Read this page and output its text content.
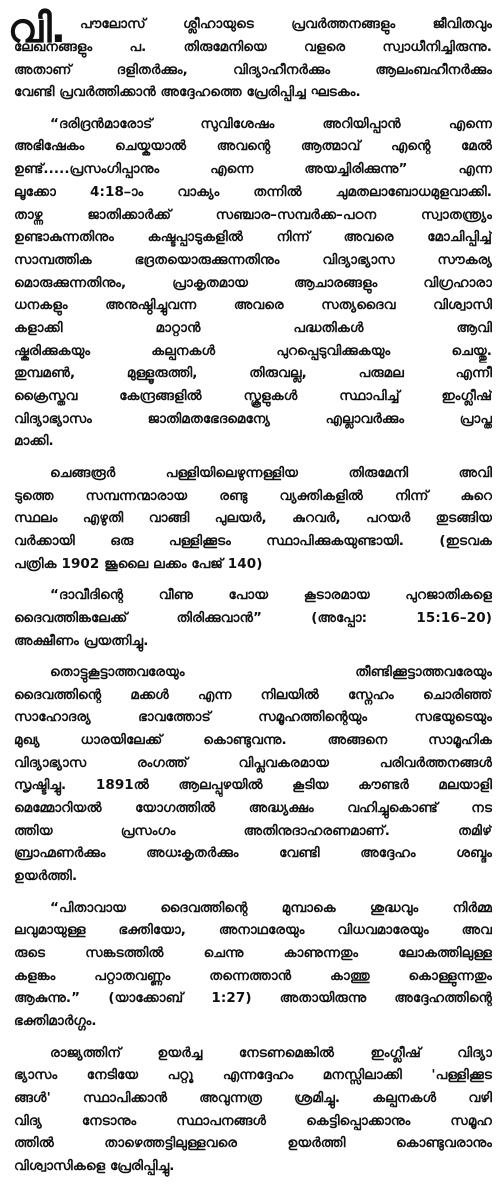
വി. പൗലോസ് ശ്ലീഹായുടെ പ്രവർത്തനങ്ങളും ജീവിതവും
ലേഖനങ്ങളും പ. തിരുമേനിയെ വളരെ സ്വാധീനിച്ചിരുന്നു.
അതാണ് ദളിതർക്കും, വിദ്യാഹീനർക്കും ആലംബഹീനർക്കും
വേണ്ടി പ്രവർത്തിക്കാൻ അദ്ദേഹത്തെ പ്രേരിപ്പിച്ച ഘടകം.
“ദരിദ്രൻമാരോട് സുവിശേഷം അറിയിപ്പാൻ എന്നെ
അഭിഷേകം ചെയ്കയാൽ അവന്റെ ആത്മാവ് എന്റെ മേൽ
ഉണ്ട്.....പ്രസംഗിപ്പാനും എന്നെ അയച്ചിരിക്കുന്നു” എന്ന
ലൂക്കോ 4:18–ാം വാക്യം തന്നിൽ ചുമതലാബോധമുളവാക്കി.
താഴ്ന്ന ജാതിക്കാർക്ക് സഞ്ചാര–സമ്പർക്ക–പഠന സ്വാതന്ത്ര്യം
ഉണ്ടാകുന്നതിനും കഷ്ടപ്പാടുകളിൽ നിന്ന് അവരെ മോചിപ്പിച്ച്
സാമ്പത്തിക ഭദ്രതയൊരുക്കുന്നതിനും വിദ്യാഭ്യാസ സൗകര്യ
മൊരുക്കുന്നതിനും, പ്രാകൃതമായ ആചാരങ്ങളും വിഗ്രഹാരാ
ധനകളും അനുഷ്ഠിച്ചുവന്ന അവരെ സത്യദൈവ വിശ്വാസി
കളാക്കി മാറ്റാൻ പദ്ധതികൾ ആവി
ഷ്കരിക്കുകയും കല്പനകൾ പുറപ്പെടുവിക്കുകയും ചെയ്തു.
തുമ്പമൺ, മുള്ളൂരുത്തി, തിരുവല്ല, പരുമല എന്നീ
ക്രൈസ്തവ കേന്ദ്രങ്ങളിൽ സ്കൂളുകൾ സ്ഥാപിച്ച് ഇംഗ്ലീഷ്
വിദ്യാഭ്യാസം ജാതിമതഭേദമെന്യേ എല്ലാവർക്കും പ്രാപ്ത
മാക്കി.
ചെങ്ങരൂർ പള്ളിയിലെഴുന്നള്ളിയ തിരുമേനി അവി
ടുത്തെ സമ്പന്നന്മാരായ രണ്ടു വ്യക്തികളിൽ നിന്ന് കുറെ
സ്ഥലം എഴുതി വാങ്ങി പുലയർ, കുറവർ, പറയർ തുടങ്ങിയ
വർക്കായി ഒരു പള്ളിക്കൂടം സ്ഥാപിക്കുകയുണ്ടായി. (ഇടവക
പത്രിക 1902 ജൂലൈ ലക്കം പേജ് 140)
“ദാവീദിന്റെ വീണു പോയ കൂടാരമായ പുറജാതികളെ
ദൈവത്തിങ്കലേക്ക് തിരിക്കുവാൻ” (അപ്പോ: 15:16–20)
അക്ഷീണം പ്രയത്നിച്ചു.
തൊട്ടുകൂട്ടാത്തവരേയും തീണ്ടിക്കൂട്ടാത്തവരേയും
ദൈവത്തിന്റെ മക്കൾ എന്ന നിലയിൽ സ്നേഹം ചൊരിഞ്ഞ്
സാഹോദര്യ ഭാവത്തോട് സമൂഹത്തിന്റെയും സഭയുടെയും
മുഖ്യ ധാരയിലേക്ക് കൊണ്ടുവന്നു. അങ്ങനെ സാമൂഹിക
വിദ്യാഭ്യാസ രംഗത്ത് വിപ്ലവകരമായ പരിവർത്തനങ്ങൾ
സൃഷ്ടിച്ചു. 1891ൽ ആലപ്പുഴയിൽ കൂടിയ കൗണ്ടർ മലയാളി
മെമ്മോറിയൽ യോഗത്തിൽ അദ്ധ്യക്ഷം വഹിച്ചുകൊണ്ട് നട
ത്തിയ പ്രസംഗം അതിനുദാഹരണമാണ്. തമിഴ്
ബ്രാഹ്മണർക്കും അധഃകൃതർക്കും വേണ്ടി അദ്ദേഹം ശബ്ദം
ഉയർത്തി.
“പിതാവായ ദൈവത്തിന്റെ മുമ്പാകെ ശുദ്ധവും നിർമ്മ
ലവുമായുള്ള ഭക്തിയോ, അനാഥരേയും വിധവമാരേയും അവ
രുടെ സങ്കടത്തിൽ ചെന്നു കാണുന്നതും ലോകത്തിലുള്ള
കളങ്കം പറ്റാതവണ്ണം തന്നെത്താൻ കാത്തു കൊള്ളുന്നതും
ആകുന്നു.” (യാക്കോബ് 1:27) അതായിരുന്നു അദ്ദേഹത്തിന്റെ
ഭക്തിമാർഗ്ഗം.
രാജ്യത്തിന് ഉയർച്ച നേടണമെങ്കിൽ ഇംഗ്ലീഷ് വിദ്യാ
ഭ്യാസം നേടിയേ പറ്റൂ എന്നദ്ദേഹം മനസ്സിലാക്കി 'പള്ളിക്കൂട
ങ്ങൾ' സ്ഥാപിക്കാൻ അവുന്നത്ര ശ്രമിച്ചു. കല്പനകൾ വഴി
വിദ്യ നേടാനും സ്ഥാപനങ്ങൾ കെട്ടിപ്പൊക്കാനും സമൂഹ
ത്തിൽ താഴെത്തട്ടിലുള്ളവരെ ഉയർത്തി കൊണ്ടുവരാനും
വിശ്വാസികളെ പ്രേരിപ്പിച്ചു.
